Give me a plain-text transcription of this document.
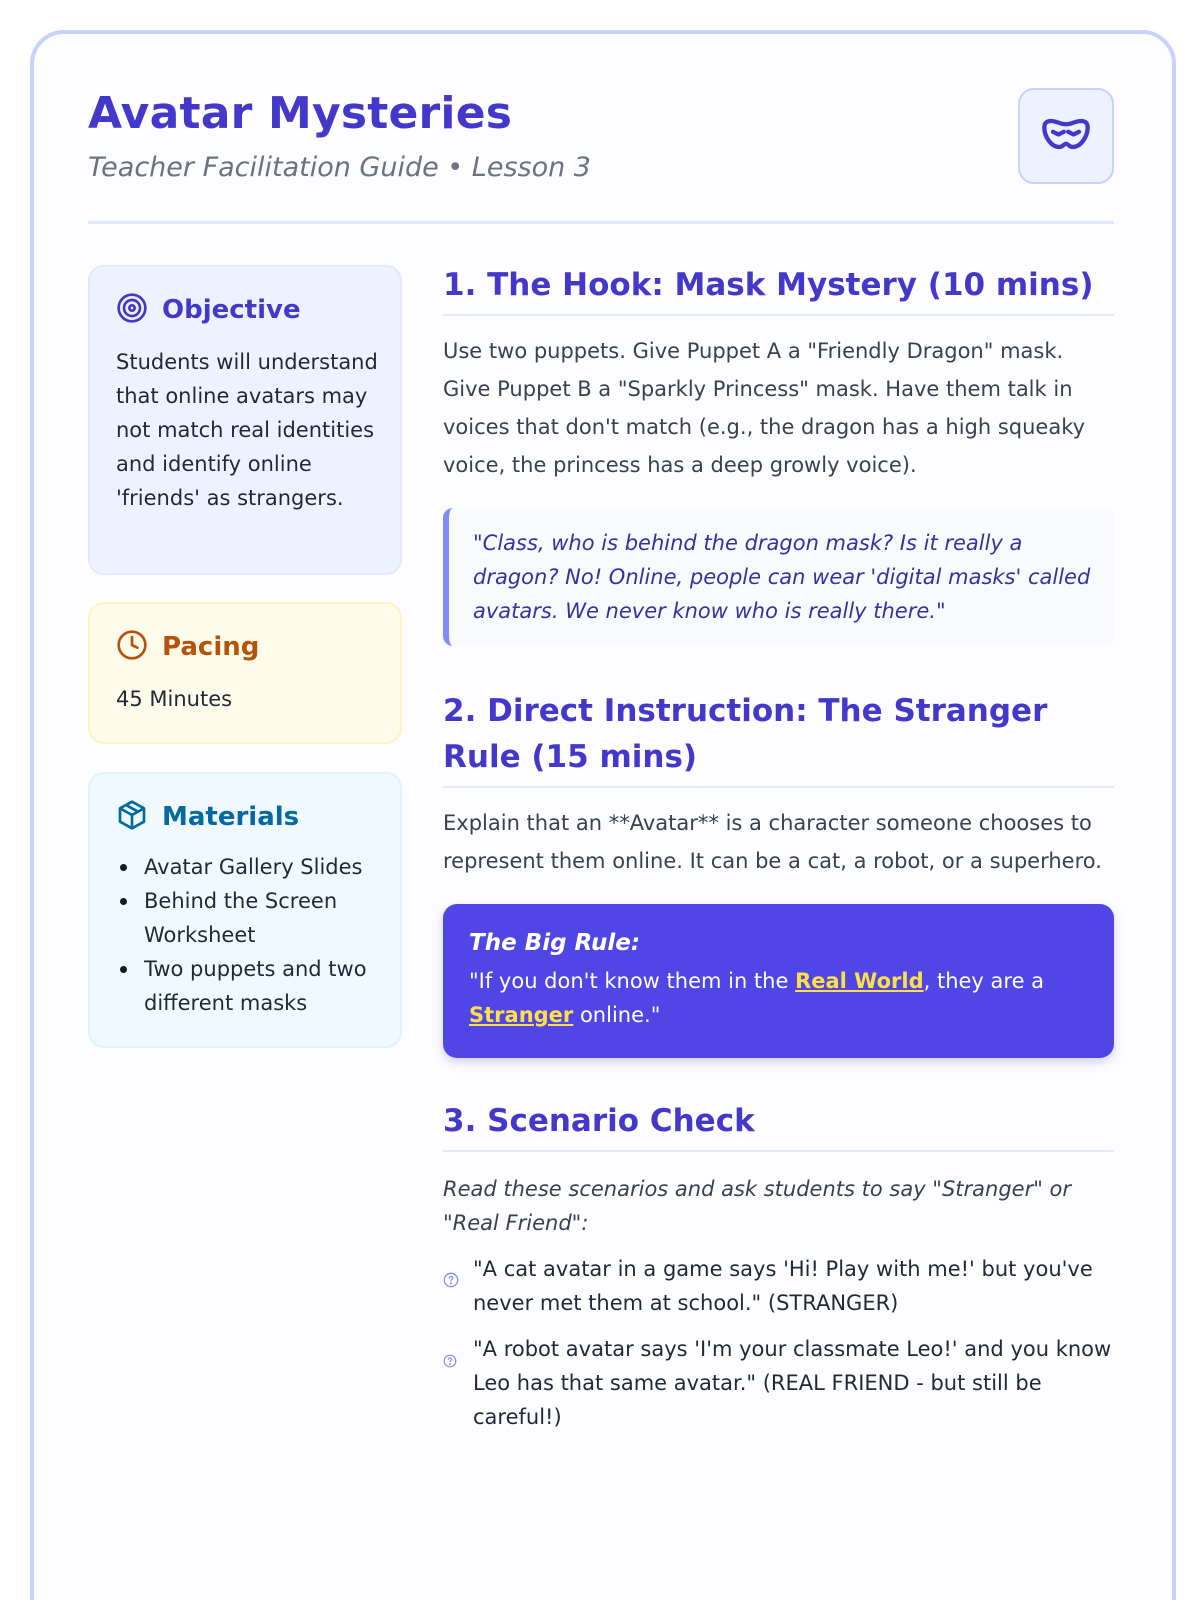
Avatar Mysteries
Teacher Facilitation Guide • Lesson 3
Objective
Students will understand that online avatars may not match real identities and identify online 'friends' as strangers.
Pacing
45 Minutes
Materials
Avatar Gallery Slides
Behind the Screen Worksheet
Two puppets and two different masks
1. The Hook: Mask Mystery (10 mins)
Use two puppets. Give Puppet A a "Friendly Dragon" mask. Give Puppet B a "Sparkly Princess" mask. Have them talk in voices that don't match (e.g., the dragon has a high squeaky voice, the princess has a deep growly voice).
"Class, who is behind the dragon mask? Is it really a dragon? No! Online, people can wear 'digital masks' called avatars. We never know who is really there."
2. Direct Instruction: The Stranger Rule (15 mins)
Explain that an **Avatar** is a character someone chooses to represent them online. It can be a cat, a robot, or a superhero.
The Big Rule:
"If you don't know them in the Real World, they are a Stranger online."
3. Scenario Check
Read these scenarios and ask students to say "Stranger" or "Real Friend":
"A cat avatar in a game says 'Hi! Play with me!' but you've never met them at school." (STRANGER)
"A robot avatar says 'I'm your classmate Leo!' and you know Leo has that same avatar." (REAL FRIEND - but still be careful!)
